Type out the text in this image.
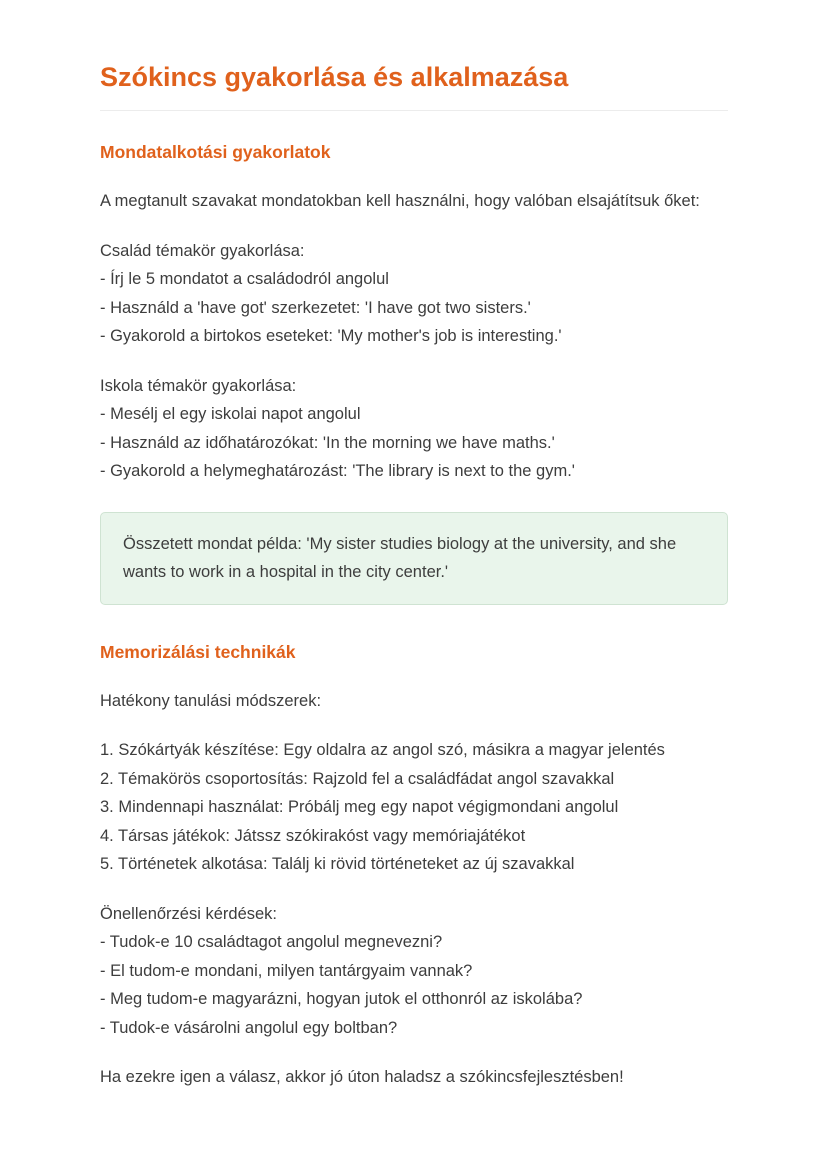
Szókincs gyakorlása és alkalmazása
Mondatalkotási gyakorlatok

A megtanult szavakat mondatokban kell használni, hogy valóban elsajátítsuk őket:

Család témakör gyakorlása:
- Írj le 5 mondatot a családodról angolul
- Használd a 'have got' szerkezetet: 'I have got two sisters.'
- Gyakorold a birtokos eseteket: 'My mother's job is interesting.'

Iskola témakör gyakorlása:
- Mesélj el egy iskolai napot angolul
- Használd az időhatározókat: 'In the morning we have maths.'
- Gyakorold a helymeghatározást: 'The library is next to the gym.'

Összetett mondat példa: 'My sister studies biology at the university, and she wants to work in a hospital in the city center.'

Memorizálási technikák

Hatékony tanulási módszerek:

1. Szókártyák készítése: Egy oldalra az angol szó, másikra a magyar jelentés
2. Témakörös csoportosítás: Rajzold fel a családfádat angol szavakkal
3. Mindennapi használat: Próbálj meg egy napot végigmondani angolul
4. Társas játékok: Játssz szókirakóst vagy memóriajátékot
5. Történetek alkotása: Találj ki rövid történeteket az új szavakkal

Önellenőrzési kérdések:
- Tudok-e 10 családtagot angolul megnevezni?
- El tudom-e mondani, milyen tantárgyaim vannak?
- Meg tudom-e magyarázni, hogyan jutok el otthonról az iskolába?
- Tudok-e vásárolni angolul egy boltban?

Ha ezekre igen a válasz, akkor jó úton haladsz a szókincsfejlesztésben!
